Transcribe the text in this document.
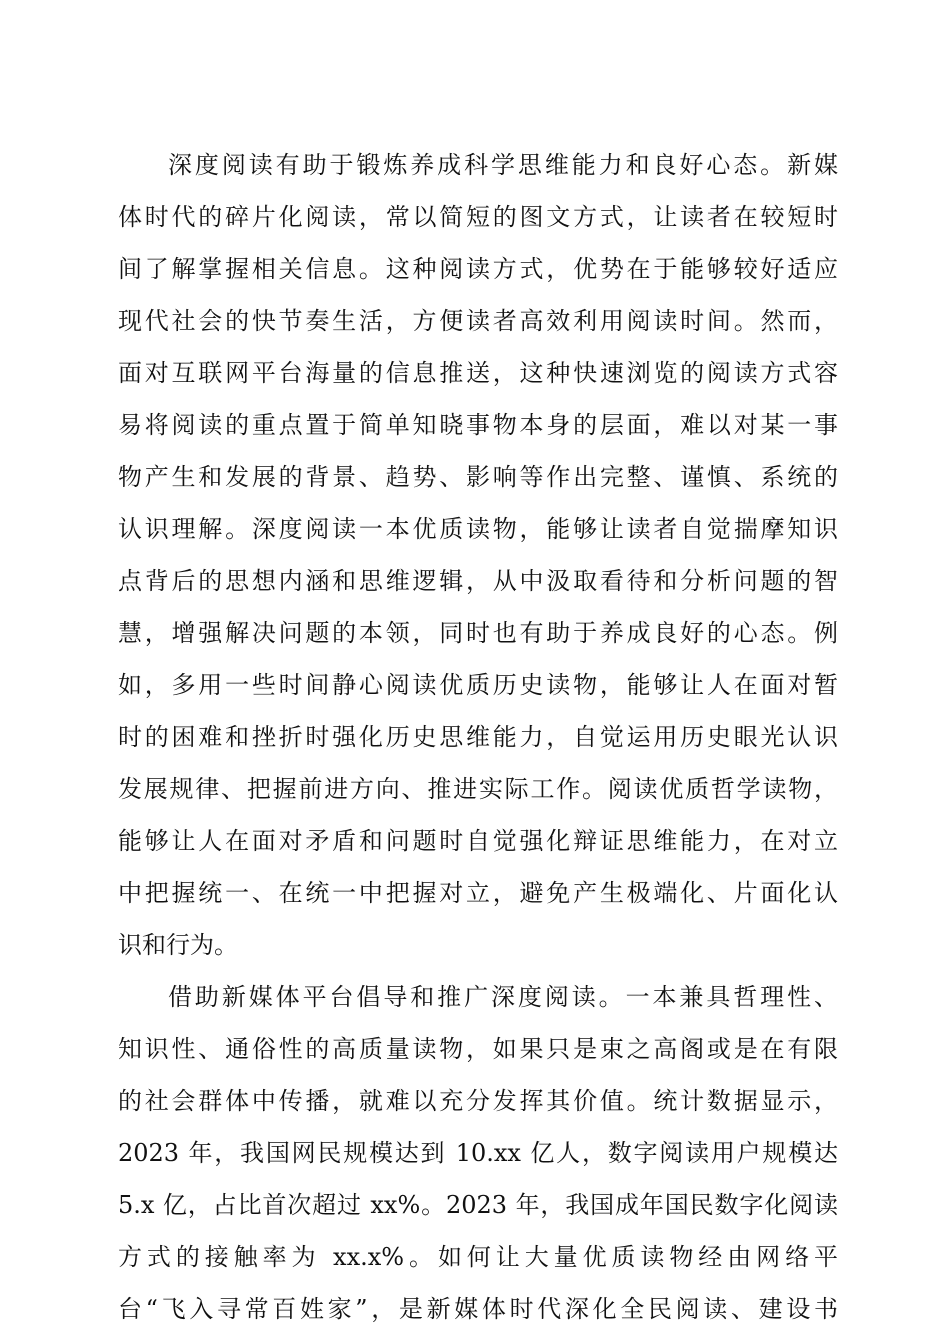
深度阅读有助于锻炼养成科学思维能力和良好心态。新媒
体时代的碎片化阅读，常以简短的图文方式，让读者在较短时
间了解掌握相关信息。这种阅读方式，优势在于能够较好适应
现代社会的快节奏生活，方便读者高效利用阅读时间。然而，
面对互联网平台海量的信息推送，这种快速浏览的阅读方式容
易将阅读的重点置于简单知晓事物本身的层面，难以对某一事
物产生和发展的背景、趋势、影响等作出完整、谨慎、系统的
认识理解。深度阅读一本优质读物，能够让读者自觉揣摩知识
点背后的思想内涵和思维逻辑，从中汲取看待和分析问题的智
慧，增强解决问题的本领，同时也有助于养成良好的心态。例
如，多用一些时间静心阅读优质历史读物，能够让人在面对暂
时的困难和挫折时强化历史思维能力，自觉运用历史眼光认识
发展规律、把握前进方向、推进实际工作。阅读优质哲学读物，
能够让人在面对矛盾和问题时自觉强化辩证思维能力，在对立
中把握统一、在统一中把握对立，避免产生极端化、片面化认
识和行为。
借助新媒体平台倡导和推广深度阅读。一本兼具哲理性、
知识性、通俗性的高质量读物，如果只是束之高阁或是在有限
的社会群体中传播，就难以充分发挥其价值。统计数据显示，
2023 年，我国网民规模达到 10.xx 亿人，数字阅读用户规模达
5.x 亿，占比首次超过 xx%。2023 年，我国成年国民数字化阅读
方式的接触率为 xx.x%。如何让大量优质读物经由网络平
台“飞入寻常百姓家”，是新媒体时代深化全民阅读、建设书
